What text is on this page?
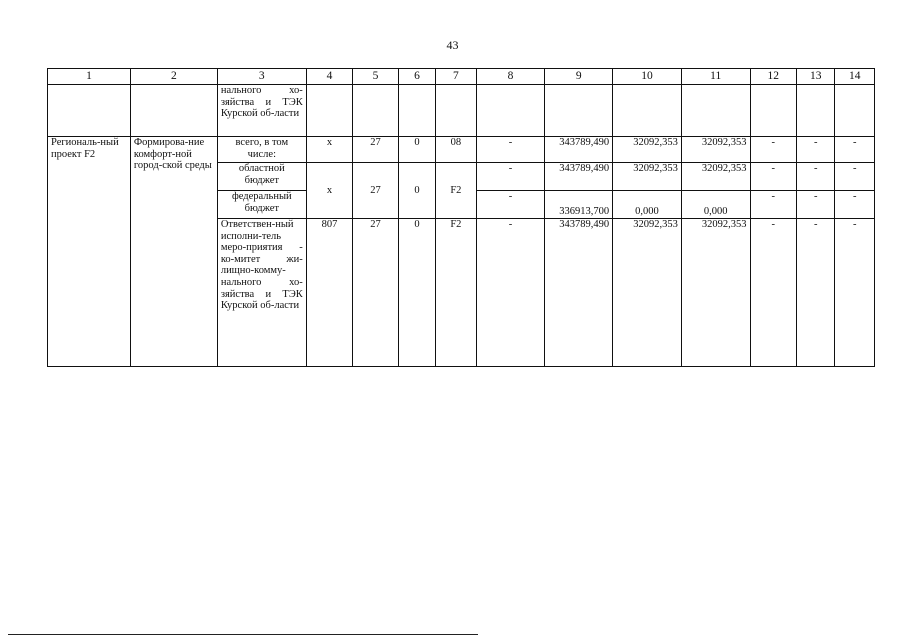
43
1	2	3	4	5	6	7	8	9	10	11	12	13	14
		нального хо-зяйства и ТЭК Курской об-ласти											
Региональ-ный проект F2	Формирова-ние комфорт-ной город-ской среды	всего, в том числе:	х	27	0	08	-	343789,490	32092,353	32092,353	-	-	-
		областной бюджет	х	27	0	F2	-	343789,490	32092,353	32092,353	-	-	-
		федеральный бюджет					-	336913,700	0,000	0,000	-	-	-
		Ответствен-ный исполни-тель меро-приятия - ко-митет жи-лищно-комму-нального хо-зяйства и ТЭК Курской об-ласти	807	27	0	F2	-	343789,490	32092,353	32092,353	-	-	-
